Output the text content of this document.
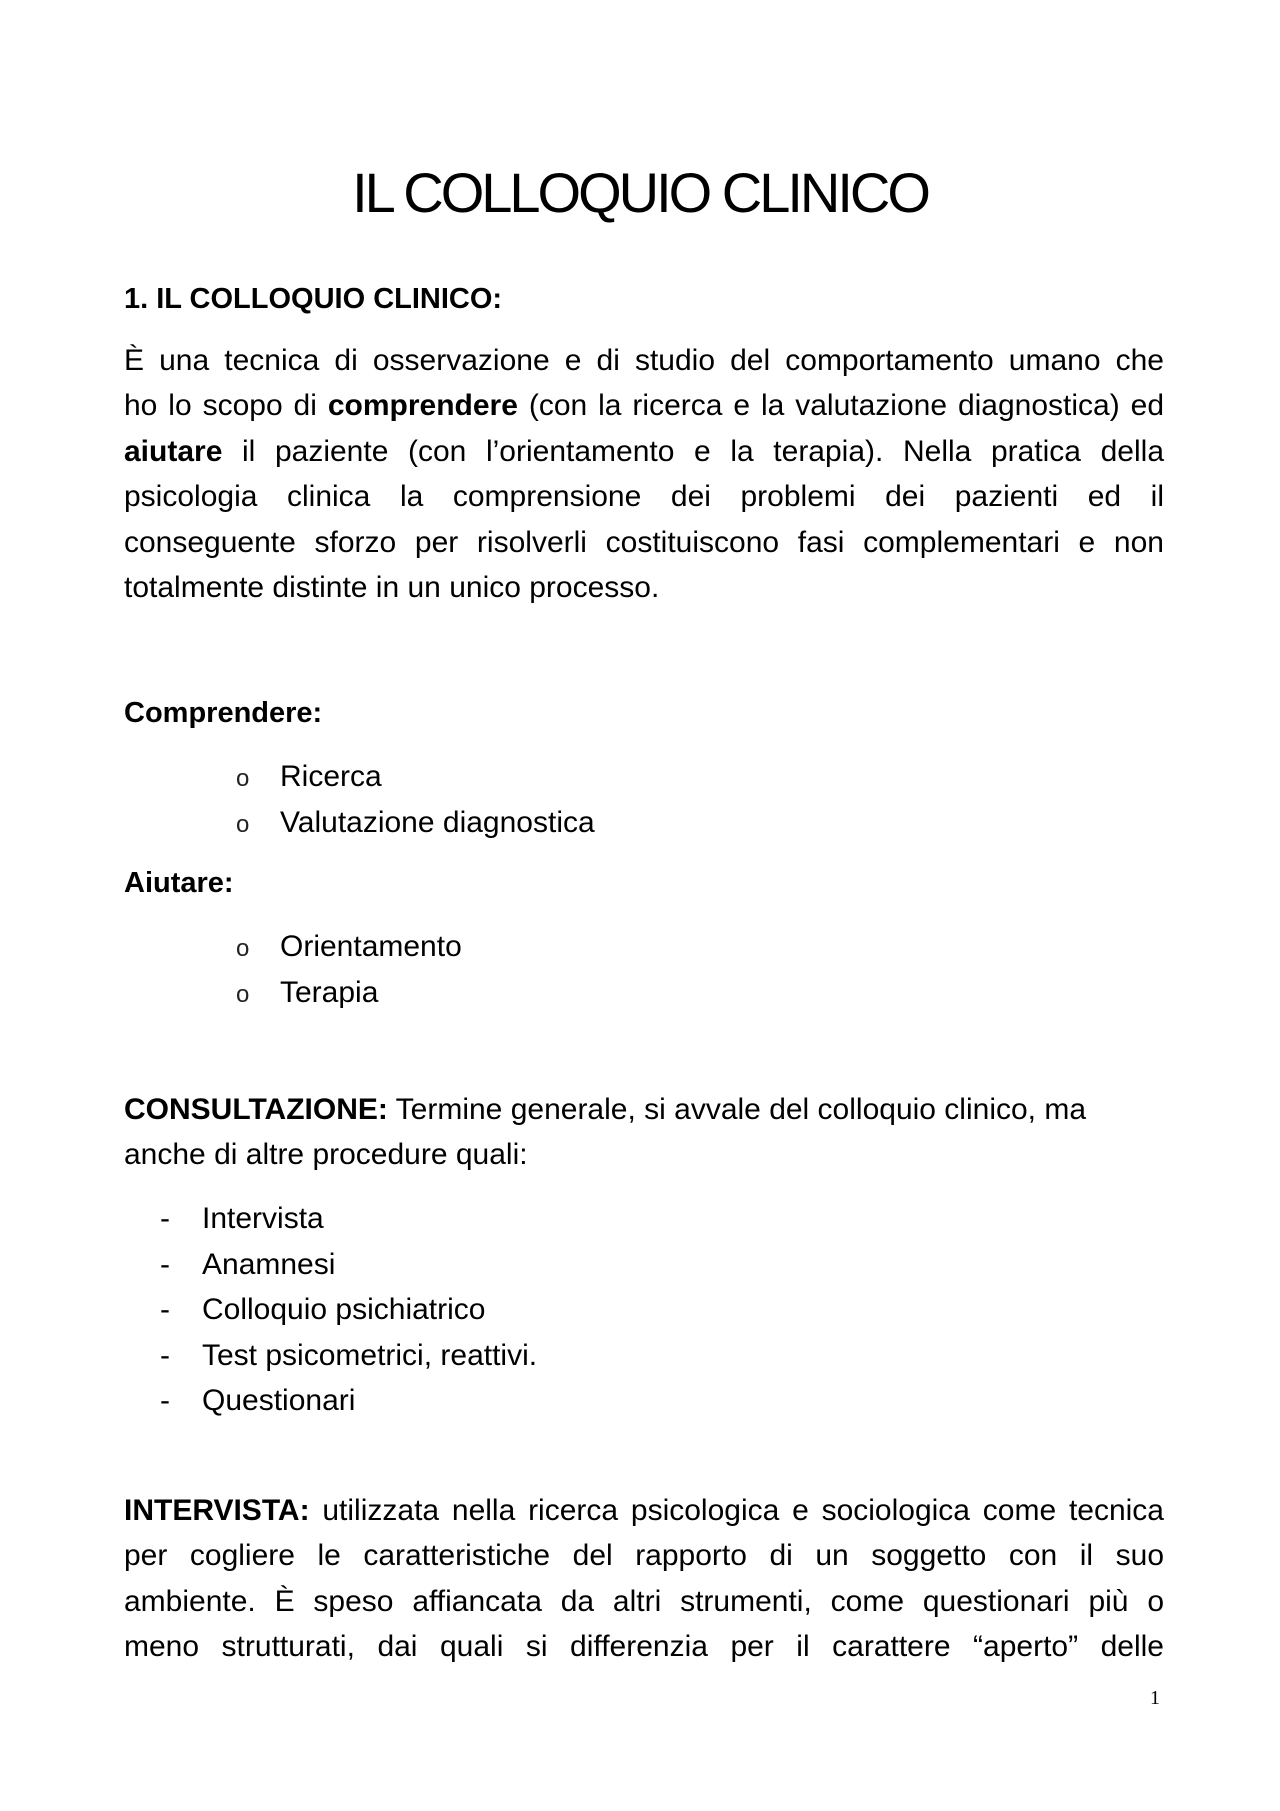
IL COLLOQUIO CLINICO
1. IL COLLOQUIO CLINICO:
È una tecnica di osservazione e di studio del comportamento umano che
ho lo scopo di comprendere (con la ricerca e la valutazione diagnostica) ed
aiutare il paziente (con l’orientamento e la terapia). Nella pratica della
psicologia clinica la comprensione dei problemi dei pazienti ed il
conseguente sforzo per risolverli costituiscono fasi complementari e non
totalmente distinte in un unico processo.
Comprendere:
o Ricerca
o Valutazione diagnostica
Aiutare:
o Orientamento
o Terapia
CONSULTAZIONE: Termine generale, si avvale del colloquio clinico, ma
anche di altre procedure quali:
- Intervista
- Anamnesi
- Colloquio psichiatrico
- Test psicometrici, reattivi.
- Questionari
INTERVISTA: utilizzata nella ricerca psicologica e sociologica come tecnica
per cogliere le caratteristiche del rapporto di un soggetto con il suo
ambiente. È speso affiancata da altri strumenti, come questionari più o
meno strutturati, dai quali si differenzia per il carattere “aperto” delle
1
